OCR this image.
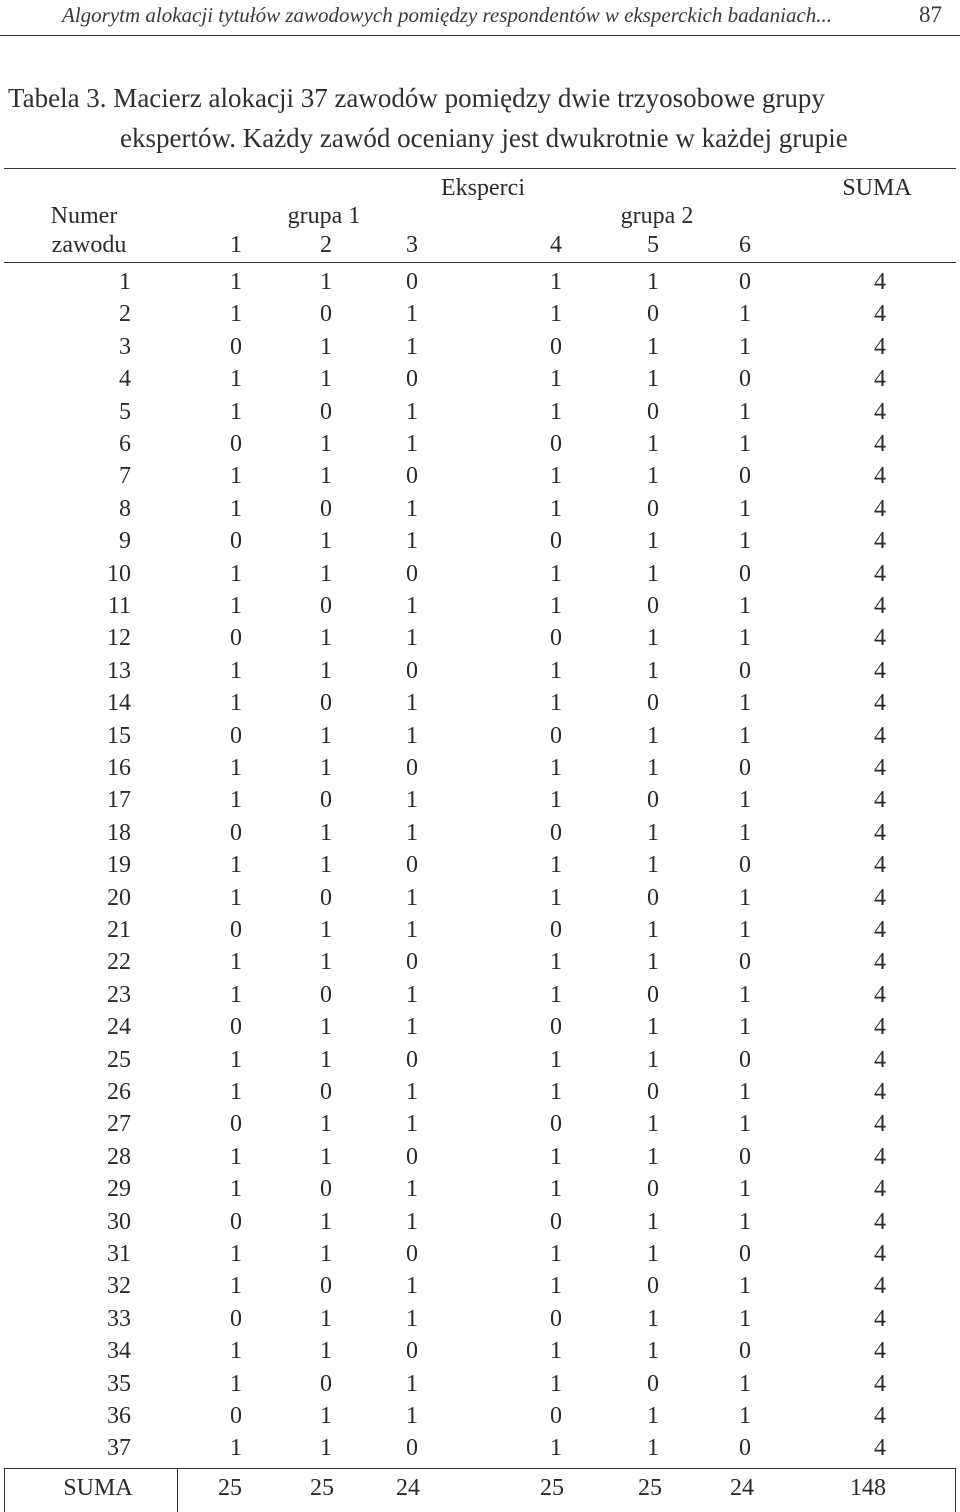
Algorytm alokacji tytułów zawodowych pomiędzy respondentów w eksperckich badaniach...	87
Tabela 3. Macierz alokacji 37 zawodów pomiędzy dwie trzyosobowe grupy
ekspertów. Każdy zawód oceniany jest dwukrotnie w każdej grupie
Eksperci	SUMA
Numer	grupa 1	grupa 2
zawodu	1	2	3	4	5	6
1	1	1	0	1	1	0	4
2	1	0	1	1	0	1	4
3	0	1	1	0	1	1	4
4	1	1	0	1	1	0	4
5	1	0	1	1	0	1	4
6	0	1	1	0	1	1	4
7	1	1	0	1	1	0	4
8	1	0	1	1	0	1	4
9	0	1	1	0	1	1	4
10	1	1	0	1	1	0	4
11	1	0	1	1	0	1	4
12	0	1	1	0	1	1	4
13	1	1	0	1	1	0	4
14	1	0	1	1	0	1	4
15	0	1	1	0	1	1	4
16	1	1	0	1	1	0	4
17	1	0	1	1	0	1	4
18	0	1	1	0	1	1	4
19	1	1	0	1	1	0	4
20	1	0	1	1	0	1	4
21	0	1	1	0	1	1	4
22	1	1	0	1	1	0	4
23	1	0	1	1	0	1	4
24	0	1	1	0	1	1	4
25	1	1	0	1	1	0	4
26	1	0	1	1	0	1	4
27	0	1	1	0	1	1	4
28	1	1	0	1	1	0	4
29	1	0	1	1	0	1	4
30	0	1	1	0	1	1	4
31	1	1	0	1	1	0	4
32	1	0	1	1	0	1	4
33	0	1	1	0	1	1	4
34	1	1	0	1	1	0	4
35	1	0	1	1	0	1	4
36	0	1	1	0	1	1	4
37	1	1	0	1	1	0	4
SUMA	25	25	24	25	25	24	148
